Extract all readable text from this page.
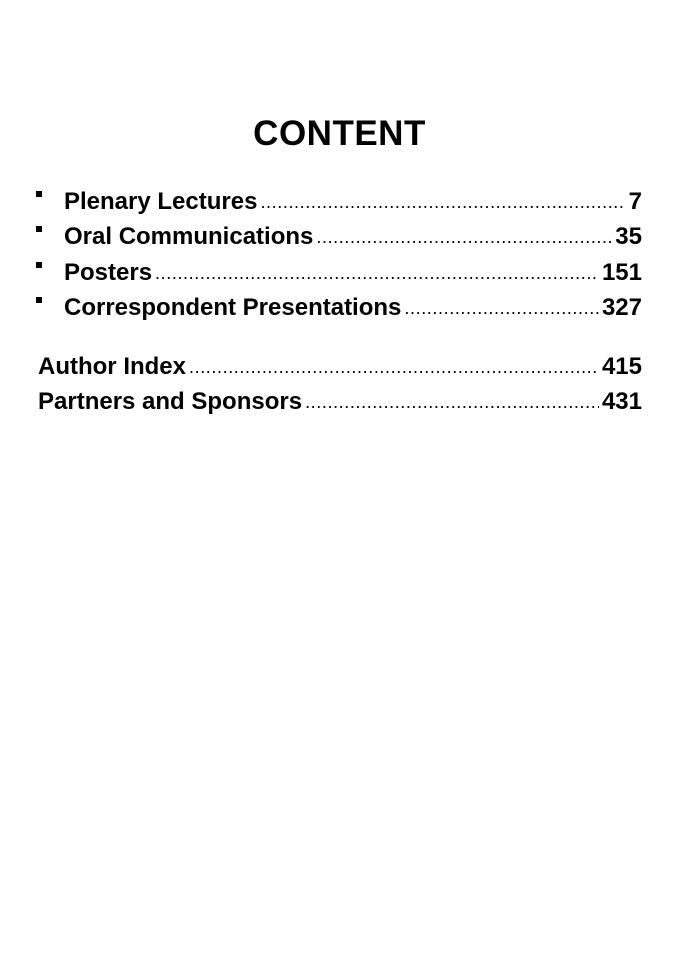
CONTENT
Plenary Lectures .....	7
Oral Communications .....	35
Posters .....	151
Correspondent Presentations .....	327
Author Index .....	415
Partners and Sponsors .....	431
